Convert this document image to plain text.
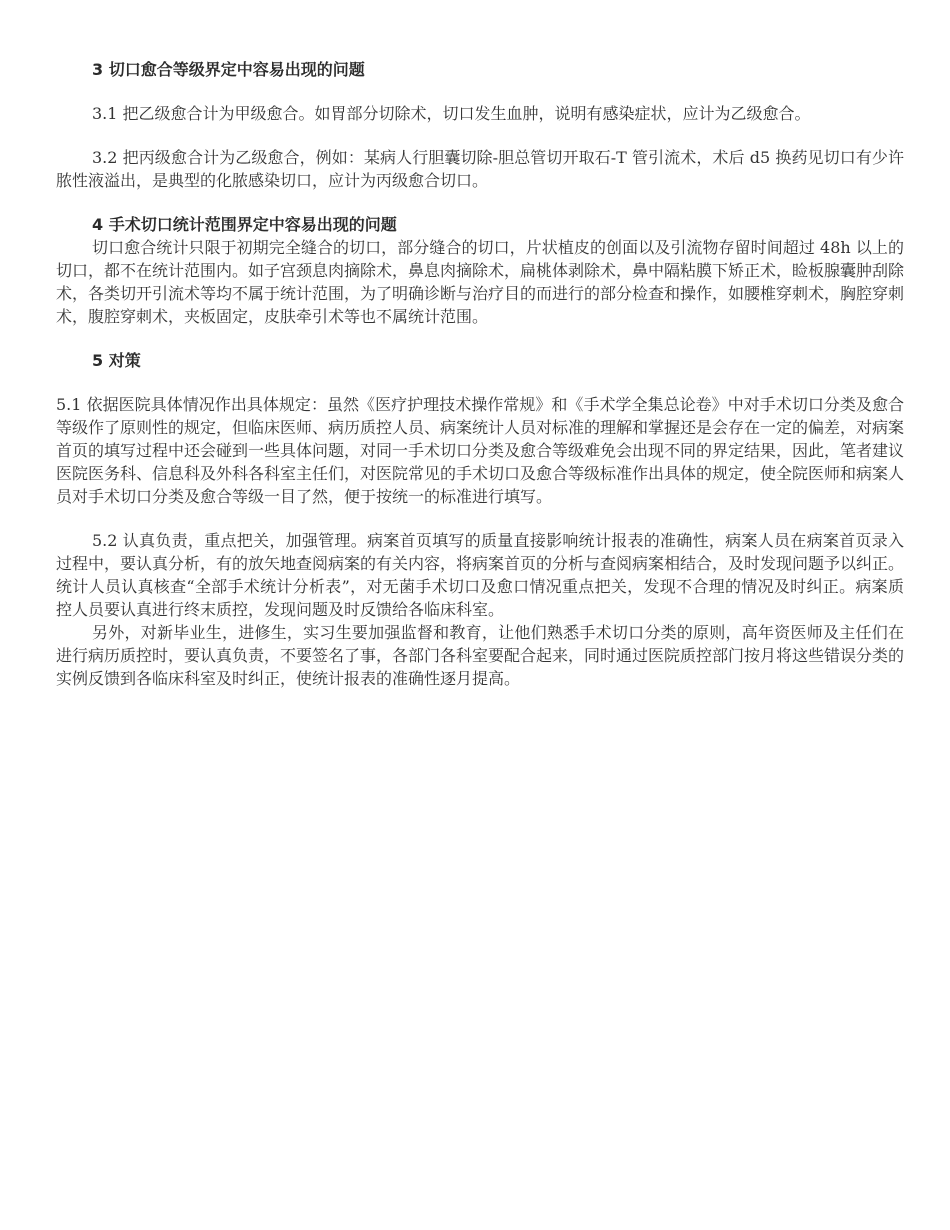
3 切口愈合等级界定中容易出现的问题

3.1 把乙级愈合计为甲级愈合。如胃部分切除术，切口发生血肿，说明有感染症状，应计为乙级愈合。

3.2 把丙级愈合计为乙级愈合，例如：某病人行胆囊切除-胆总管切开取石-T 管引流术，术后 d5 换药见切口有少许脓性液溢出，是典型的化脓感染切口，应计为丙级愈合切口。

4 手术切口统计范围界定中容易出现的问题

切口愈合统计只限于初期完全缝合的切口，部分缝合的切口，片状植皮的创面以及引流物存留时间超过 48h 以上的切口，都不在统计范围内。如子宫颈息肉摘除术，鼻息肉摘除术，扁桃体剥除术，鼻中隔粘膜下矫正术，睑板腺囊肿刮除术，各类切开引流术等均不属于统计范围，为了明确诊断与治疗目的而进行的部分检查和操作，如腰椎穿刺术，胸腔穿刺术，腹腔穿刺术，夹板固定，皮肤牵引术等也不属统计范围。

5 对策

5.1 依据医院具体情况作出具体规定：虽然《医疗护理技术操作常规》和《手术学全集总论卷》中对手术切口分类及愈合等级作了原则性的规定，但临床医师、病历质控人员、病案统计人员对标准的理解和掌握还是会存在一定的偏差，对病案首页的填写过程中还会碰到一些具体问题，对同一手术切口分类及愈合等级难免会出现不同的界定结果，因此，笔者建议医院医务科、信息科及外科各科室主任们，对医院常见的手术切口及愈合等级标准作出具体的规定，使全院医师和病案人员对手术切口分类及愈合等级一目了然，便于按统一的标准进行填写。

5.2 认真负责，重点把关，加强管理。病案首页填写的质量直接影响统计报表的准确性，病案人员在病案首页录入过程中，要认真分析，有的放矢地查阅病案的有关内容，将病案首页的分析与查阅病案相结合，及时发现问题予以纠正。统计人员认真核查“全部手术统计分析表”，对无菌手术切口及愈口情况重点把关，发现不合理的情况及时纠正。病案质控人员要认真进行终末质控，发现问题及时反馈给各临床科室。

另外，对新毕业生，进修生，实习生要加强监督和教育，让他们熟悉手术切口分类的原则，高年资医师及主任们在进行病历质控时，要认真负责，不要签名了事，各部门各科室要配合起来，同时通过医院质控部门按月将这些错误分类的实例反馈到各临床科室及时纠正，使统计报表的准确性逐月提高。
